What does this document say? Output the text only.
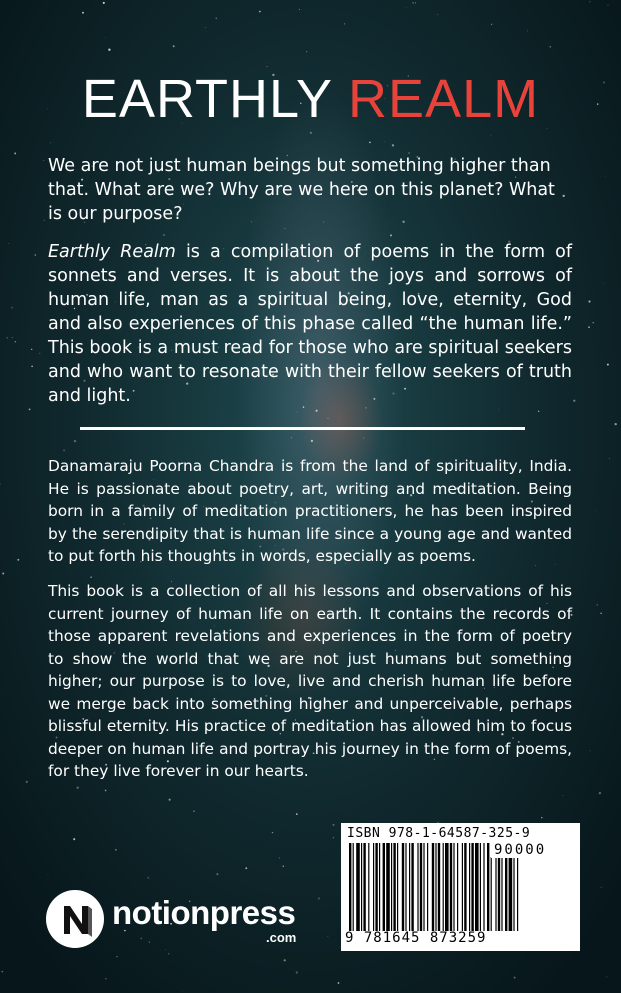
EARTHLY REALM

We are not just human beings but something higher than that. What are we? Why are we here on this planet? What is our purpose?

Earthly Realm is a compilation of poems in the form of sonnets and verses. It is about the joys and sorrows of human life, man as a spiritual being, love, eternity, God and also experiences of this phase called “the human life.” This book is a must read for those who are spiritual seekers and who want to resonate with their fellow seekers of truth and light.

Danamaraju Poorna Chandra is from the land of spirituality, India. He is passionate about poetry, art, writing and meditation. Being born in a family of meditation practitioners, he has been inspired by the serendipity that is human life since a young age and wanted to put forth his thoughts in words, especially as poems.

This book is a collection of all his lessons and observations of his current journey of human life on earth. It contains the records of those apparent revelations and experiences in the form of poetry to show the world that we are not just humans but something higher; our purpose is to love, live and cherish human life before we merge back into something higher and unperceivable, perhaps blissful eternity. His practice of meditation has allowed him to focus deeper on human life and portray his journey in the form of poems, for they live forever in our hearts.

ISBN 978-1-64587-325-9
90000
9 781645 873259
notionpress
.com
